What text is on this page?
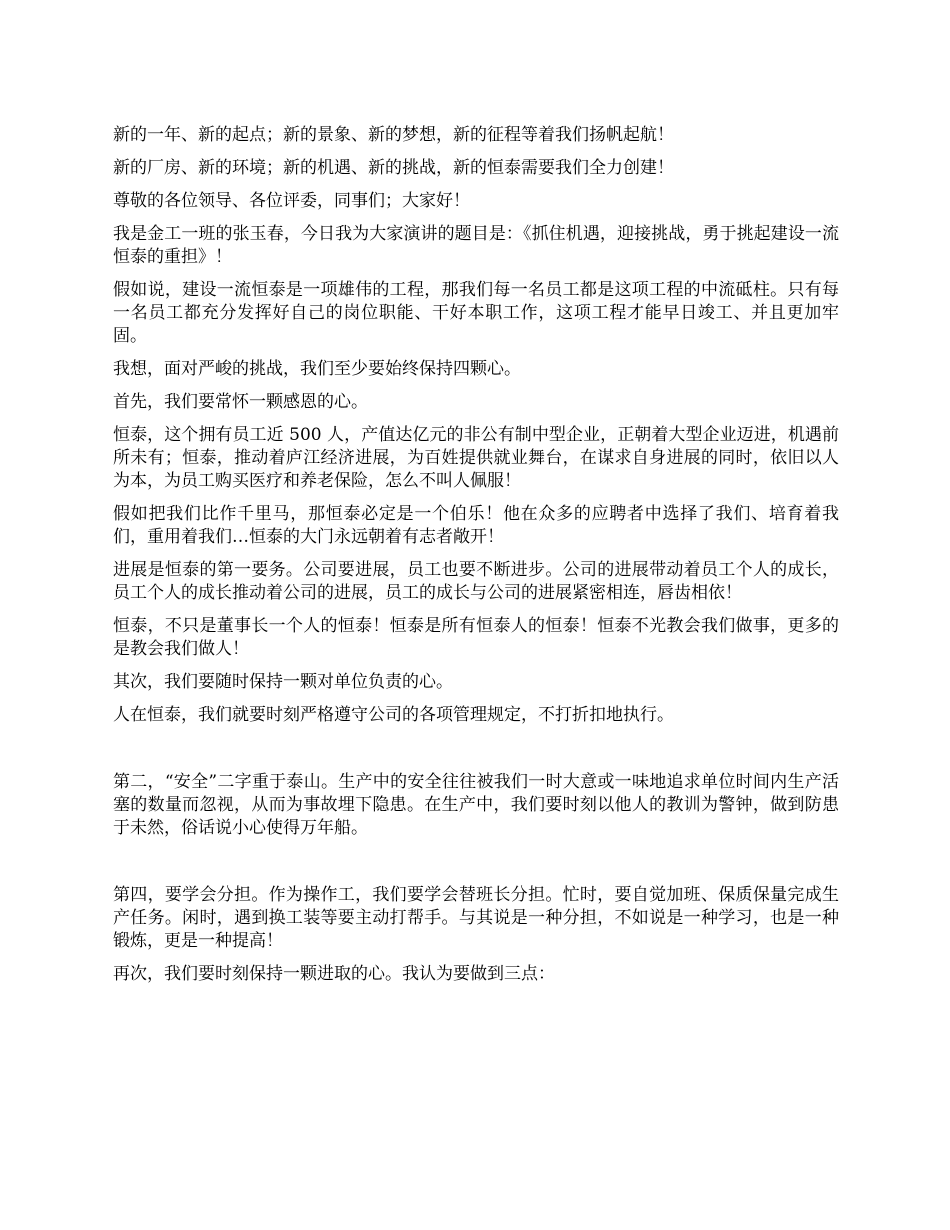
新的一年、新的起点；新的景象、新的梦想，新的征程等着我们扬帆起航！

新的厂房、新的环境；新的机遇、新的挑战，新的恒泰需要我们全力创建！

尊敬的各位领导、各位评委，同事们；大家好！

我是金工一班的张玉春，今日我为大家演讲的题目是：《抓住机遇，迎接挑战，勇于挑起建设一流恒泰的重担》！

假如说，建设一流恒泰是一项雄伟的工程，那我们每一名员工都是这项工程的中流砥柱。只有每一名员工都充分发挥好自己的岗位职能、干好本职工作，这项工程才能早日竣工、并且更加牢固。

我想，面对严峻的挑战，我们至少要始终保持四颗心。

首先，我们要常怀一颗感恩的心。

恒泰，这个拥有员工近 500 人，产值达亿元的非公有制中型企业，正朝着大型企业迈进，机遇前所未有；恒泰，推动着庐江经济进展，为百姓提供就业舞台，在谋求自身进展的同时，依旧以人为本，为员工购买医疗和养老保险，怎么不叫人佩服！

假如把我们比作千里马，那恒泰必定是一个伯乐！他在众多的应聘者中选择了我们、培育着我们，重用着我们…恒泰的大门永远朝着有志者敞开！

进展是恒泰的第一要务。公司要进展，员工也要不断进步。公司的进展带动着员工个人的成长，员工个人的成长推动着公司的进展，员工的成长与公司的进展紧密相连，唇齿相依！

恒泰，不只是董事长一个人的恒泰！恒泰是所有恒泰人的恒泰！恒泰不光教会我们做事，更多的是教会我们做人！

其次，我们要随时保持一颗对单位负责的心。

人在恒泰，我们就要时刻严格遵守公司的各项管理规定，不打折扣地执行。

第二，“安全”二字重于泰山。生产中的安全往往被我们一时大意或一味地追求单位时间内生产活塞的数量而忽视，从而为事故埋下隐患。在生产中，我们要时刻以他人的教训为警钟，做到防患于未然，俗话说小心使得万年船。

第四，要学会分担。作为操作工，我们要学会替班长分担。忙时，要自觉加班、保质保量完成生产任务。闲时，遇到换工装等要主动打帮手。与其说是一种分担，不如说是一种学习，也是一种锻炼，更是一种提高！

再次，我们要时刻保持一颗进取的心。我认为要做到三点：
